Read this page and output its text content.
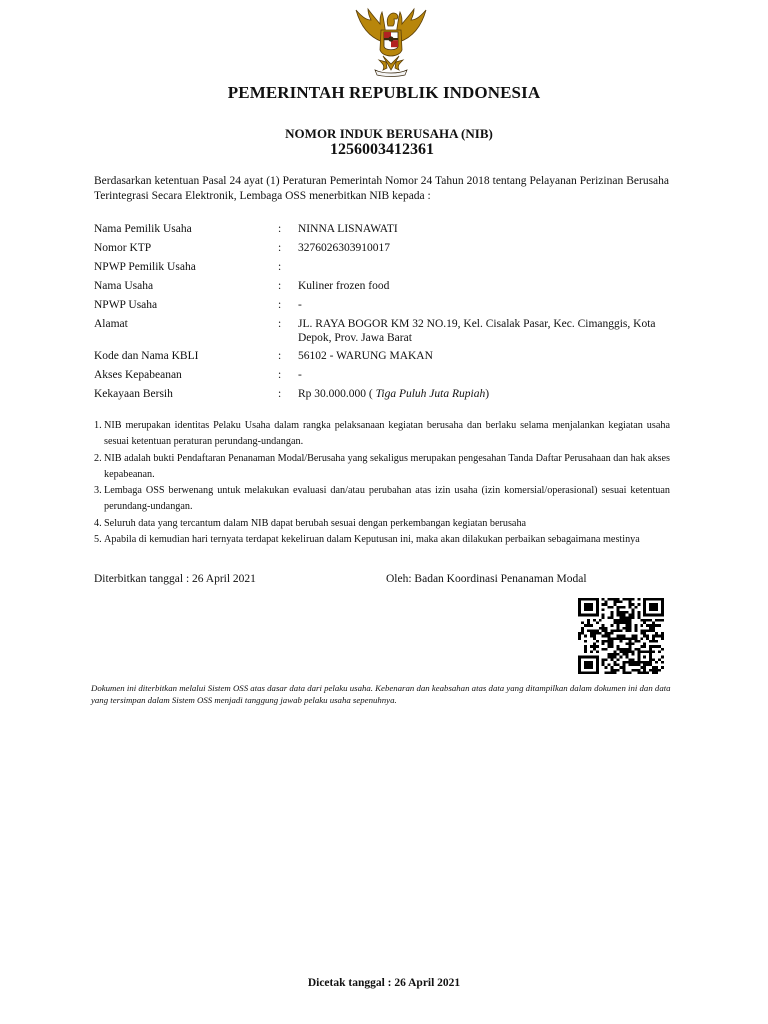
PEMERINTAH REPUBLIK INDONESIA
NOMOR INDUK BERUSAHA (NIB)
1256003412361
Berdasarkan ketentuan Pasal 24 ayat (1) Peraturan Pemerintah Nomor 24 Tahun 2018 tentang Pelayanan Perizinan Berusaha Terintegrasi Secara Elektronik, Lembaga OSS menerbitkan NIB kepada :
Nama Pemilik Usaha	: NINNA LISNAWATI
Nomor KTP	: 3276026303910017
NPWP Pemilik Usaha	:
Nama Usaha	: Kuliner frozen food
NPWP Usaha	: -
Alamat	: JL. RAYA BOGOR KM 32 NO.19, Kel. Cisalak Pasar, Kec. Cimanggis, Kota Depok, Prov. Jawa Barat
Kode dan Nama KBLI	: 56102 - WARUNG MAKAN
Akses Kepabeanan	: -
Kekayaan Bersih	: Rp 30.000.000 ( Tiga Puluh Juta Rupiah)
1. NIB merupakan identitas Pelaku Usaha dalam rangka pelaksanaan kegiatan berusaha dan berlaku selama menjalankan kegiatan usaha sesuai ketentuan peraturan perundang-undangan.
2. NIB adalah bukti Pendaftaran Penanaman Modal/Berusaha yang sekaligus merupakan pengesahan Tanda Daftar Perusahaan dan hak akses kepabeanan.
3. Lembaga OSS berwenang untuk melakukan evaluasi dan/atau perubahan atas izin usaha (izin komersial/operasional) sesuai ketentuan perundang-undangan.
4. Seluruh data yang tercantum dalam NIB dapat berubah sesuai dengan perkembangan kegiatan berusaha
5. Apabila di kemudian hari ternyata terdapat kekeliruan dalam Keputusan ini, maka akan dilakukan perbaikan sebagaimana mestinya
Diterbitkan tanggal : 26 April 2021	Oleh: Badan Koordinasi Penanaman Modal
Dokumen ini diterbitkan melalui Sistem OSS atas dasar data dari pelaku usaha. Kebenaran dan keabsahan atas data yang ditampilkan dalam dokumen ini dan data yang tersimpan dalam Sistem OSS menjadi tanggung jawab pelaku usaha sepenuhnya.
Dicetak tanggal : 26 April 2021
